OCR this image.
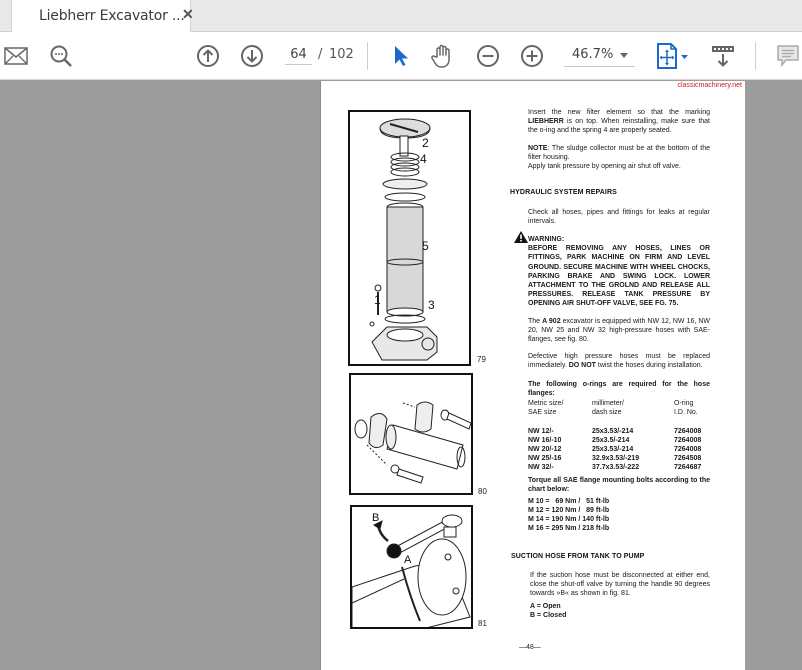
Liebherr Excavator ...
✕
64 / 102	46.7%
classicmachinery.net
2
4
5
1	3
79
80
B
A
81
Insert the new filter element so that the marking LIEBHERR is on top. When reinstalling, make sure that the o-ing and the spring 4 are properly seated.
NOTE: The sludge collector must be at the bottom of the filter housing.
Apply tank pressure by opening air shut off valve.
HYDRAULIC SYSTEM REPAIRS
Check all hoses, pipes and fittings for leaks at regular intervals.
WARNING:
BEFORE REMOVING ANY HOSES, LINES OR FITTINGS, PARK MACHINE ON FIRM AND LEVEL GROUND. SECURE MACHINE WITH WHEEL CHOCKS, PARKING BRAKE AND SWING LOCK. LOWER ATTACHMENT TO THE GROLND AND RELEASE ALL PRESSURES. RELEASE TANK PRESSURE BY OPENING AIR SHUT-OFF VALVE, SEE FG. 75.
The A 902 excavator is equipped with NW 12, NW 16, NW 20, NW 25 and NW 32 high-pressure hoses with SAE-flanges, see fig. 80.
Defective high pressure hoses must be replaced immediately. DO NOT twist the hoses during installation.
The following o-rings are required for the hose flanges:
Metric size/	millimeter/	O-ring
SAE size	dash size	I.D. No.

NW 12/-	25x3.53/-214	7264008
NW 16/-10	25x3.5/-214	7264008
NW 20/-12	25x3.53/-214	7264008
NW 25/-16	32.9x3.53/-219	7264508
NW 32/-	37.7x3.53/-222	7264687
Torque all SAE flange mounting bolts according to the chart below:
M 10 =   69 Nm /   51 ft-lb
M 12 = 120 Nm /   89 ft-lb
M 14 = 190 Nm / 140 ft-lb
M 16 = 295 Nm / 218 ft-lb
SUCTION HOSE FROM TANK TO PUMP
If the suction hose must be disconnected at either end, close the shut-off valve by turning the handle 90 degrees towards »B« as shown in fig. 81.
A = Open
B = Closed
—48—
